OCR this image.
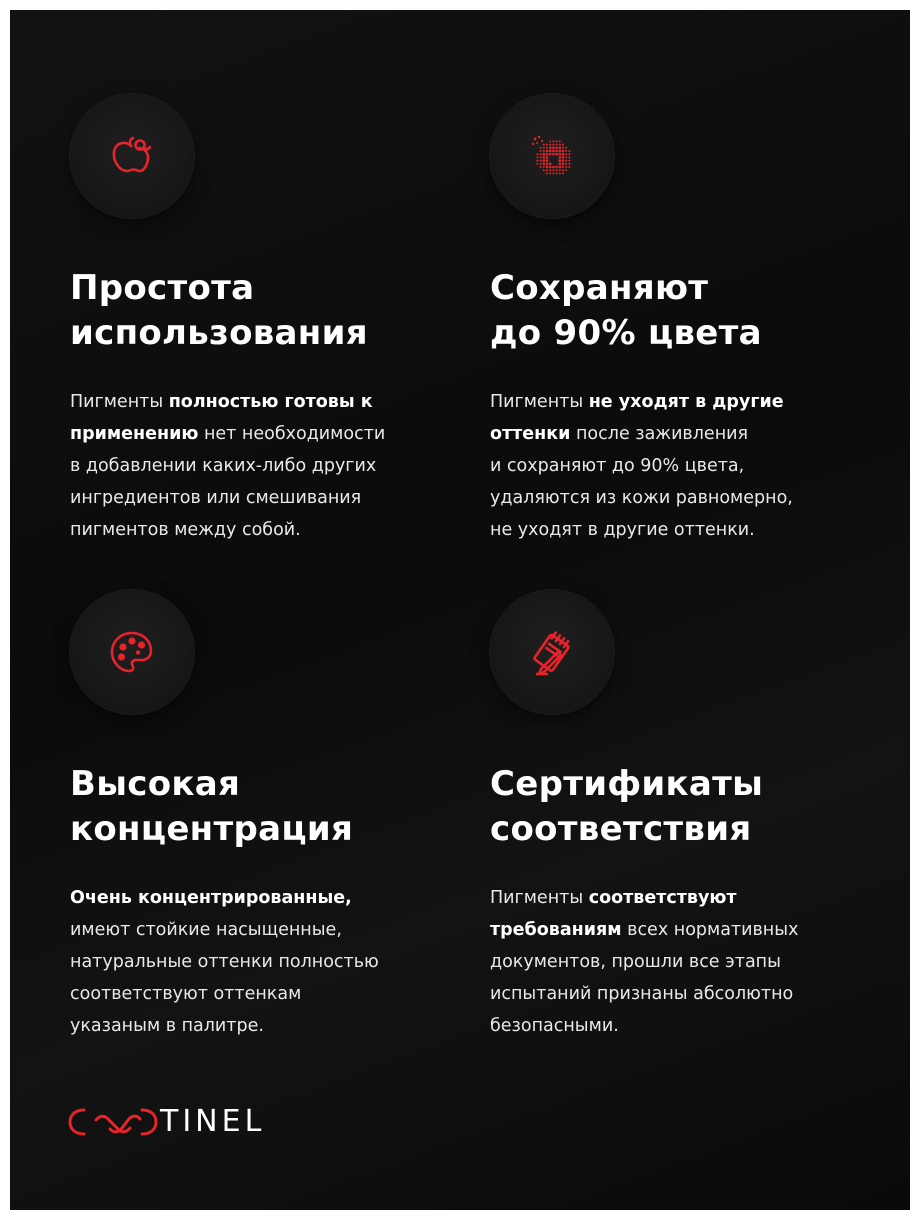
Простота
использования
Пигменты полностью готовы к
применению нет необходимости
в добавлении каких-либо других
ингредиентов или смешивания
пигментов между собой.
Сохраняют
до 90% цвета
Пигменты не уходят в другие
оттенки после заживления
и сохраняют до 90% цвета,
удаляются из кожи равномерно,
не уходят в другие оттенки.
Высокая
концентрация
Очень концентрированные,
имеют стойкие насыщенные,
натуральные оттенки полностью
соответствуют оттенкам
указаным в палитре.
Сертификаты
соответствия
Пигменты соответствуют
требованиям всех нормативных
документов, прошли все этапы
испытаний признаны абсолютно
безопасными.
TINEL
